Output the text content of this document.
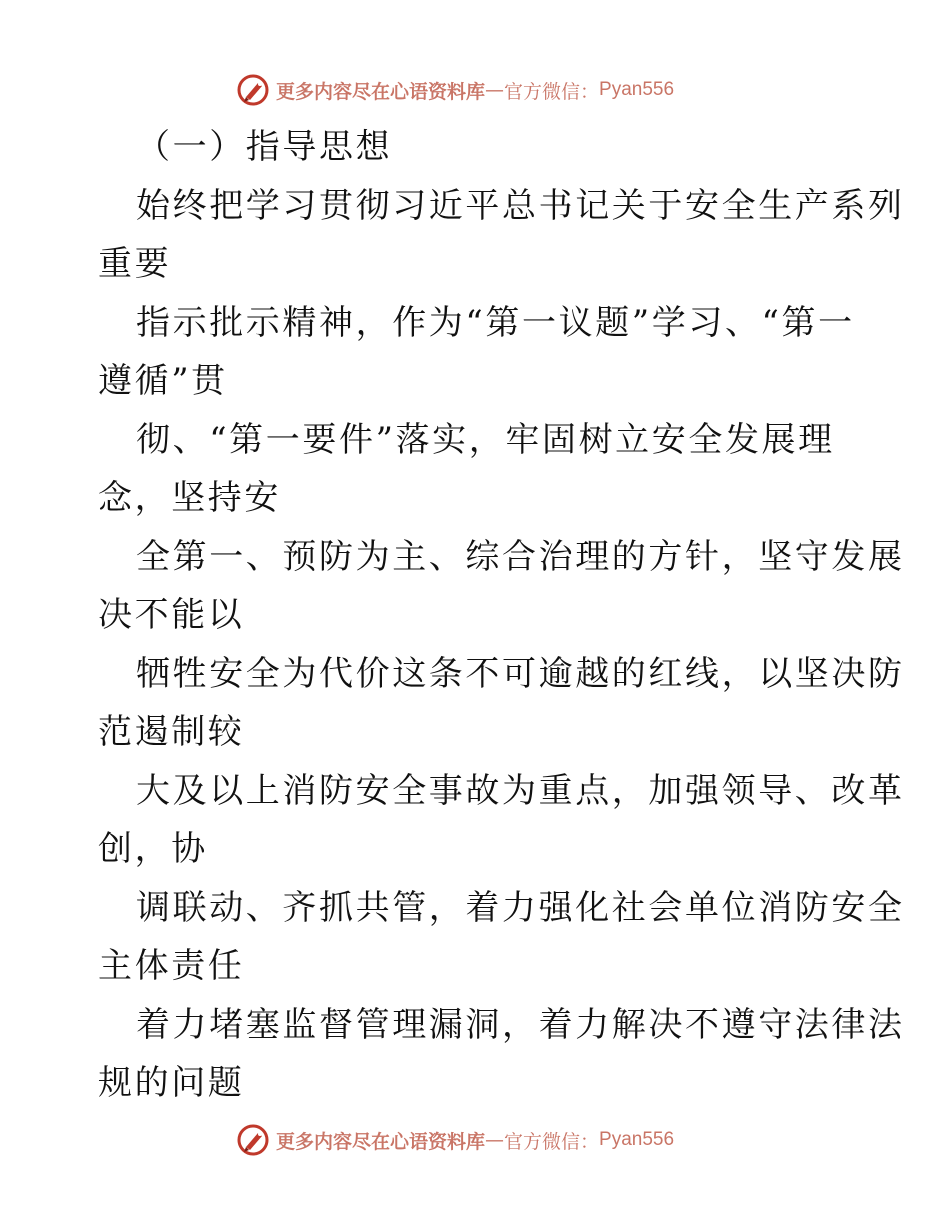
更多内容尽在心语资料库 — 官方微信： Pyan556
（一）指导思想
始终把学习贯彻习近平总书记关于安全生产系列
重要
指示批示精神，作为“第一议题”学习、“第一
遵循”贯
彻、“第一要件”落实，牢固树立安全发展理
念，坚持安
全第一、预防为主、综合治理的方针，坚守发展
决不能以
牺牲安全为代价这条不可逾越的红线，以坚决防
范遏制较
大及以上消防安全事故为重点，加强领导、改革
创，协
调联动、齐抓共管，着力强化社会单位消防安全
主体责任
着力堵塞监督管理漏洞，着力解决不遵守法律法
规的问题
更多内容尽在心语资料库 — 官方微信： Pyan556
